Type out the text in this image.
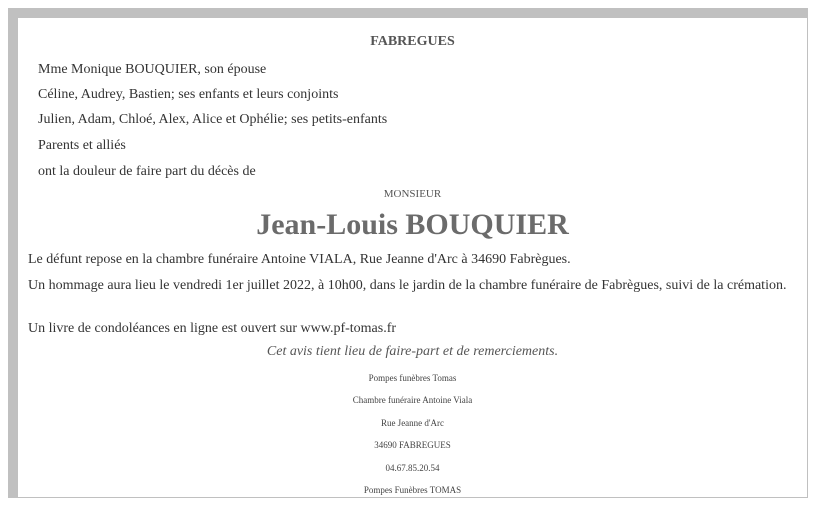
FABREGUES
Mme Monique BOUQUIER, son épouse
Céline, Audrey, Bastien; ses enfants et leurs conjoints
Julien, Adam, Chloé, Alex, Alice et Ophélie; ses petits-enfants
Parents et alliés
ont la douleur de faire part du décès de
MONSIEUR
Jean-Louis BOUQUIER
Le défunt repose en la chambre funéraire Antoine VIALA, Rue Jeanne d'Arc à 34690 Fabrègues.
Un hommage aura lieu le vendredi 1er juillet 2022, à 10h00, dans le jardin de la chambre funéraire de Fabrègues, suivi de la crémation.
Un livre de condoléances en ligne est ouvert sur www.pf-tomas.fr
Cet avis tient lieu de faire-part et de remerciements.
Pompes funèbres Tomas
Chambre funéraire Antoine Viala
Rue Jeanne d'Arc
34690 FABREGUES
04.67.85.20.54
Pompes Funèbres TOMAS
